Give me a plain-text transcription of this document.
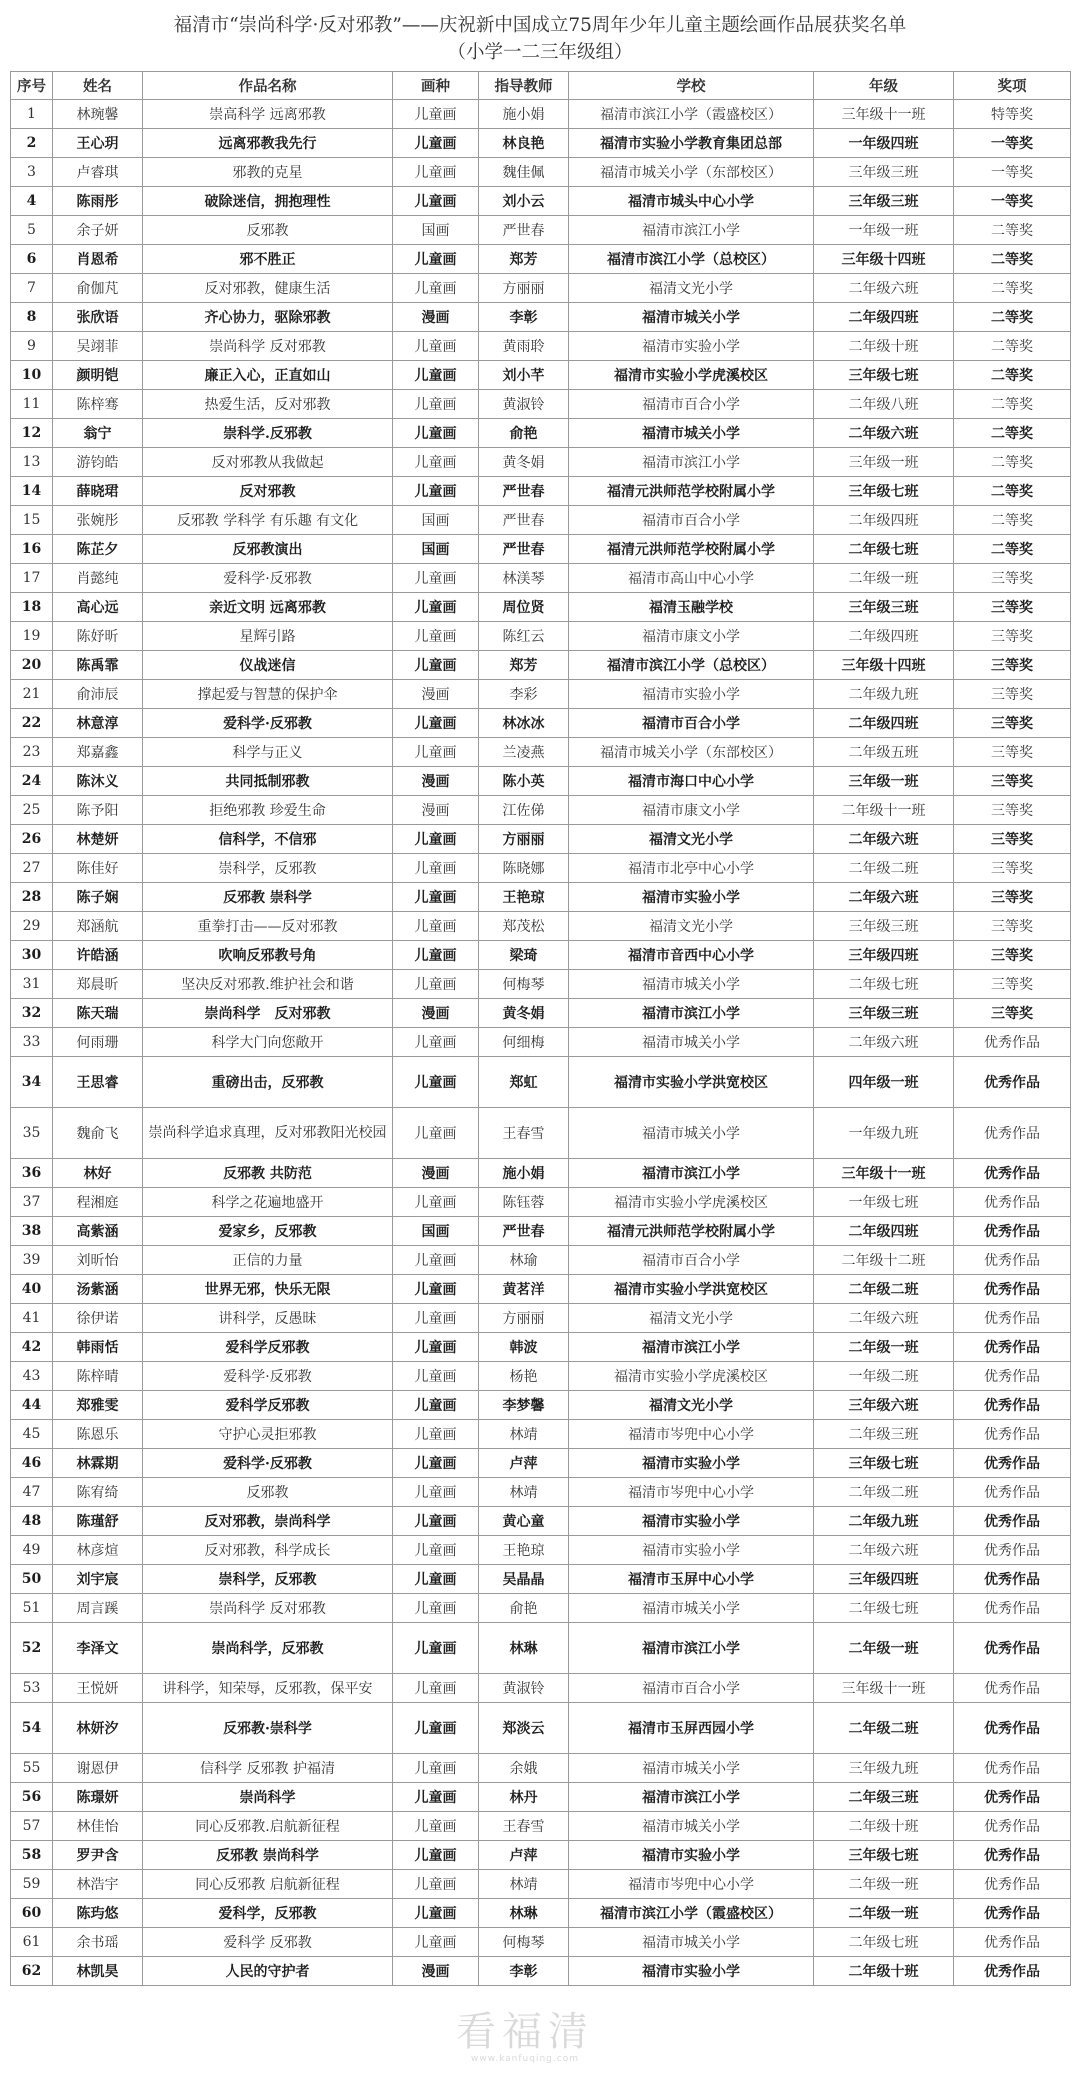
福清市“崇尚科学·反对邪教”——庆祝新中国成立75周年少年儿童主题绘画作品展获奖名单
（小学一二三年级组）
序号	姓名	作品名称	画种	指导教师	学校	年级	奖项
1	林琬馨	崇高科学 远离邪教	儿童画	施小娟	福清市滨江小学（霞盛校区）	三年级十一班	特等奖
2	王心玥	远离邪教我先行	儿童画	林良艳	福清市实验小学教育集团总部	一年级四班	一等奖
3	卢睿琪	邪教的克星	儿童画	魏佳佩	福清市城关小学（东部校区）	三年级三班	一等奖
4	陈雨彤	破除迷信，拥抱理性	儿童画	刘小云	福清市城头中心小学	三年级三班	一等奖
5	余子妍	反邪教	国画	严世春	福清市滨江小学	一年级一班	二等奖
6	肖恩希	邪不胜正	儿童画	郑芳	福清市滨江小学（总校区）	三年级十四班	二等奖
7	俞伽芃	反对邪教，健康生活	儿童画	方丽丽	福清文光小学	二年级六班	二等奖
8	张欣语	齐心协力，驱除邪教	漫画	李彰	福清市城关小学	二年级四班	二等奖
9	吴翊菲	崇尚科学 反对邪教	儿童画	黄雨聆	福清市实验小学	二年级十班	二等奖
10	颜明铠	廉正入心，正直如山	儿童画	刘小芊	福清市实验小学虎溪校区	三年级七班	二等奖
11	陈梓骞	热爱生活，反对邪教	儿童画	黄淑铃	福清市百合小学	二年级八班	二等奖
12	翁宁	崇科学.反邪教	儿童画	俞艳	福清市城关小学	二年级六班	二等奖
13	游钧皓	反对邪教从我做起	儿童画	黄冬娟	福清市滨江小学	三年级一班	二等奖
14	薛晓珺	反对邪教	儿童画	严世春	福清元洪师范学校附属小学	三年级七班	二等奖
15	张婉彤	反邪教 学科学 有乐趣 有文化	国画	严世春	福清市百合小学	二年级四班	二等奖
16	陈芷夕	反邪教演出	国画	严世春	福清元洪师范学校附属小学	二年级七班	二等奖
17	肖懿纯	爱科学·反邪教	儿童画	林渼琴	福清市高山中心小学	二年级一班	三等奖
18	高心远	亲近文明 远离邪教	儿童画	周位贤	福清玉融学校	三年级三班	三等奖
19	陈妤昕	星辉引路	儿童画	陈红云	福清市康文小学	二年级四班	三等奖
20	陈禹霏	仪战迷信	儿童画	郑芳	福清市滨江小学（总校区）	三年级十四班	三等奖
21	俞沛辰	撑起爱与智慧的保护伞	漫画	李彩	福清市实验小学	二年级九班	三等奖
22	林意淳	爱科学·反邪教	儿童画	林冰冰	福清市百合小学	二年级四班	三等奖
23	郑嘉鑫	科学与正义	儿童画	兰凌燕	福清市城关小学（东部校区）	二年级五班	三等奖
24	陈沐义	共同抵制邪教	漫画	陈小英	福清市海口中心小学	三年级一班	三等奖
25	陈予阳	拒绝邪教 珍爱生命	漫画	江佐俤	福清市康文小学	二年级十一班	三等奖
26	林楚妍	信科学，不信邪	儿童画	方丽丽	福清文光小学	二年级六班	三等奖
27	陈佳好	崇科学，反邪教	儿童画	陈晓娜	福清市北亭中心小学	二年级二班	三等奖
28	陈子娴	反邪教 崇科学	儿童画	王艳琼	福清市实验小学	二年级六班	三等奖
29	郑涵航	重拳打击——反对邪教	儿童画	郑茂松	福清文光小学	三年级三班	三等奖
30	许皓涵	吹响反邪教号角	儿童画	梁琦	福清市音西中心小学	三年级四班	三等奖
31	郑晨昕	坚决反对邪教.维护社会和谐	儿童画	何梅琴	福清市城关小学	二年级七班	三等奖
32	陈天瑞	崇尚科学　反对邪教	漫画	黄冬娟	福清市滨江小学	三年级三班	三等奖
33	何雨珊	科学大门向您敞开	儿童画	何细梅	福清市城关小学	二年级六班	优秀作品
34	王思睿	重磅出击，反邪教	儿童画	郑虹	福清市实验小学洪宽校区	四年级一班	优秀作品
35	魏俞飞	崇尚科学追求真理，反对邪教阳光校园	儿童画	王春雪	福清市城关小学	一年级九班	优秀作品
36	林好	反邪教 共防范	漫画	施小娟	福清市滨江小学	三年级十一班	优秀作品
37	程湘庭	科学之花遍地盛开	儿童画	陈钰蓉	福清市实验小学虎溪校区	一年级七班	优秀作品
38	高紫涵	爱家乡，反邪教	国画	严世春	福清元洪师范学校附属小学	二年级四班	优秀作品
39	刘昕怡	正信的力量	儿童画	林瑜	福清市百合小学	二年级十二班	优秀作品
40	汤紫涵	世界无邪，快乐无限	儿童画	黄茗洋	福清市实验小学洪宽校区	二年级二班	优秀作品
41	徐伊诺	讲科学，反愚昧	儿童画	方丽丽	福清文光小学	二年级六班	优秀作品
42	韩雨恬	爱科学反邪教	儿童画	韩波	福清市滨江小学	二年级一班	优秀作品
43	陈梓晴	爱科学·反邪教	儿童画	杨艳	福清市实验小学虎溪校区	一年级二班	优秀作品
44	郑雅雯	爱科学反邪教	儿童画	李梦馨	福清文光小学	三年级六班	优秀作品
45	陈恩乐	守护心灵拒邪教	儿童画	林靖	福清市岑兜中心小学	二年级三班	优秀作品
46	林霖期	爱科学·反邪教	儿童画	卢萍	福清市实验小学	三年级七班	优秀作品
47	陈宥绮	反邪教	儿童画	林靖	福清市岑兜中心小学	二年级二班	优秀作品
48	陈瑾舒	反对邪教，崇尚科学	儿童画	黄心童	福清市实验小学	二年级九班	优秀作品
49	林彦煊	反对邪教，科学成长	儿童画	王艳琼	福清市实验小学	二年级六班	优秀作品
50	刘宇宸	崇科学，反邪教	儿童画	吴晶晶	福清市玉屏中心小学	三年级四班	优秀作品
51	周言蹊	崇尚科学 反对邪教	儿童画	俞艳	福清市城关小学	二年级七班	优秀作品
52	李泽文	崇尚科学，反邪教	儿童画	林琳	福清市滨江小学	二年级一班	优秀作品
53	王悦妍	讲科学，知荣辱，反邪教，保平安	儿童画	黄淑铃	福清市百合小学	三年级十一班	优秀作品
54	林妍汐	反邪教·崇科学	儿童画	郑淡云	福清市玉屏西园小学	二年级二班	优秀作品
55	谢恩伊	信科学 反邪教 护福清	儿童画	余娥	福清市城关小学	三年级九班	优秀作品
56	陈璟妍	崇尚科学	儿童画	林丹	福清市滨江小学	二年级三班	优秀作品
57	林佳怡	同心反邪教.启航新征程	儿童画	王春雪	福清市城关小学	二年级十班	优秀作品
58	罗尹含	反邪教 崇尚科学	儿童画	卢萍	福清市实验小学	三年级七班	优秀作品
59	林浩宇	同心反邪教 启航新征程	儿童画	林靖	福清市岑兜中心小学	二年级一班	优秀作品
60	陈玙悠	爱科学，反邪教	儿童画	林琳	福清市滨江小学（霞盛校区）	二年级一班	优秀作品
61	余书瑶	爱科学 反邪教	儿童画	何梅琴	福清市城关小学	二年级七班	优秀作品
62	林凯昊	人民的守护者	漫画	李彰	福清市实验小学	二年级十班	优秀作品
看福清
www.kanfuqing.com
